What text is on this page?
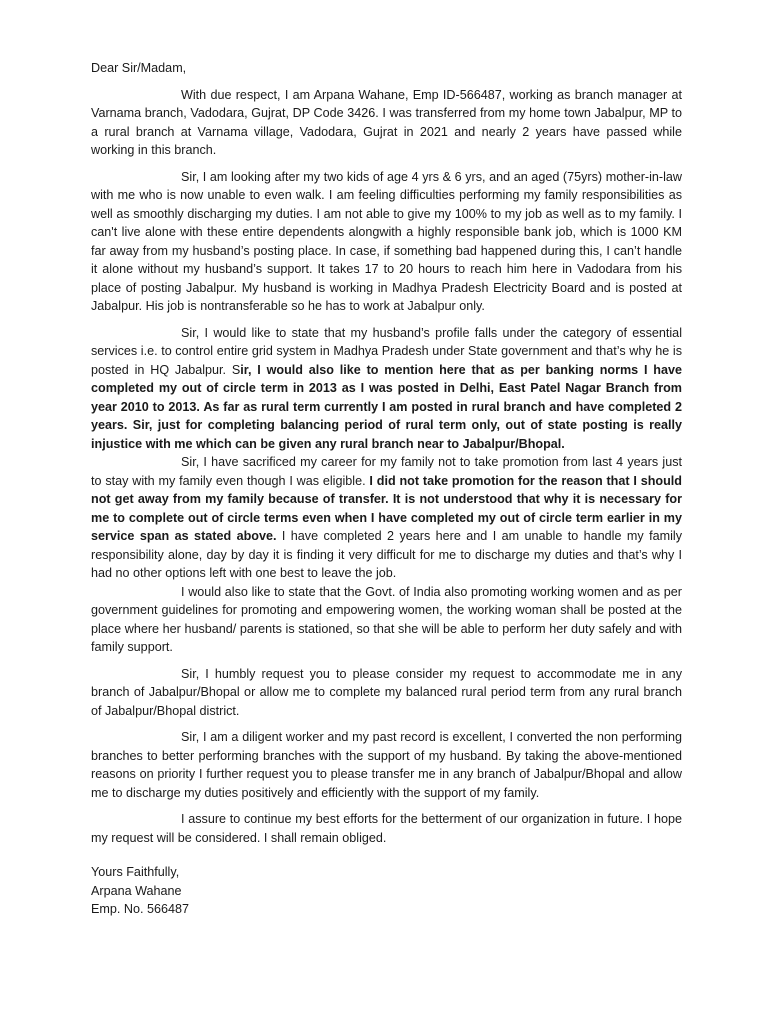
Dear Sir/Madam,

With due respect, I am Arpana Wahane, Emp ID-566487, working as branch manager at Varnama branch, Vadodara, Gujrat, DP Code 3426. I was transferred from my home town Jabalpur, MP to a rural branch at Varnama village, Vadodara, Gujrat in 2021 and nearly 2 years have passed while working in this branch.

Sir, I am looking after my two kids of age 4 yrs & 6 yrs, and an aged (75yrs) mother-in-law with me who is now unable to even walk. I am feeling difficulties performing my family responsibilities as well as smoothly discharging my duties. I am not able to give my 100% to my job as well as to my family. I can't live alone with these entire dependents alongwith a highly responsible bank job, which is 1000 KM far away from my husband’s posting place. In case, if something bad happened during this, I can’t handle it alone without my husband’s support. It takes 17 to 20 hours to reach him here in Vadodara from his place of posting Jabalpur. My husband is working in Madhya Pradesh Electricity Board and is posted at Jabalpur. His job is nontransferable so he has to work at Jabalpur only.

Sir, I would like to state that my husband’s profile falls under the category of essential services i.e. to control entire grid system in Madhya Pradesh under State government and that’s why he is posted in HQ Jabalpur. Sir, I would also like to mention here that as per banking norms I have completed my out of circle term in 2013 as I was posted in Delhi, East Patel Nagar Branch from year 2010 to 2013. As far as rural term currently I am posted in rural branch and have completed 2 years. Sir, just for completing balancing period of rural term only, out of state posting is really injustice with me which can be given any rural branch near to Jabalpur/Bhopal.

Sir, I have sacrificed my career for my family not to take promotion from last 4 years just to stay with my family even though I was eligible. I did not take promotion for the reason that I should not get away from my family because of transfer. It is not understood that why it is necessary for me to complete out of circle terms even when I have completed my out of circle term earlier in my service span as stated above. I have completed 2 years here and I am unable to handle my family responsibility alone, day by day it is finding it very difficult for me to discharge my duties and that’s why I had no other options left with one best to leave the job.

I would also like to state that the Govt. of India also promoting working women and as per government guidelines for promoting and empowering women, the working woman shall be posted at the place where her husband/ parents is stationed, so that she will be able to perform her duty safely and with family support.

Sir, I humbly request you to please consider my request to accommodate me in any branch of Jabalpur/Bhopal or allow me to complete my balanced rural period term from any rural branch of Jabalpur/Bhopal district.

Sir, I am a diligent worker and my past record is excellent, I converted the non performing branches to better performing branches with the support of my husband. By taking the above-mentioned reasons on priority I further request you to please transfer me in any branch of Jabalpur/Bhopal and allow me to discharge my duties positively and efficiently with the support of my family.

I assure to continue my best efforts for the betterment of our organization in future. I hope my request will be considered. I shall remain obliged.

Yours Faithfully,
Arpana Wahane
Emp. No. 566487
